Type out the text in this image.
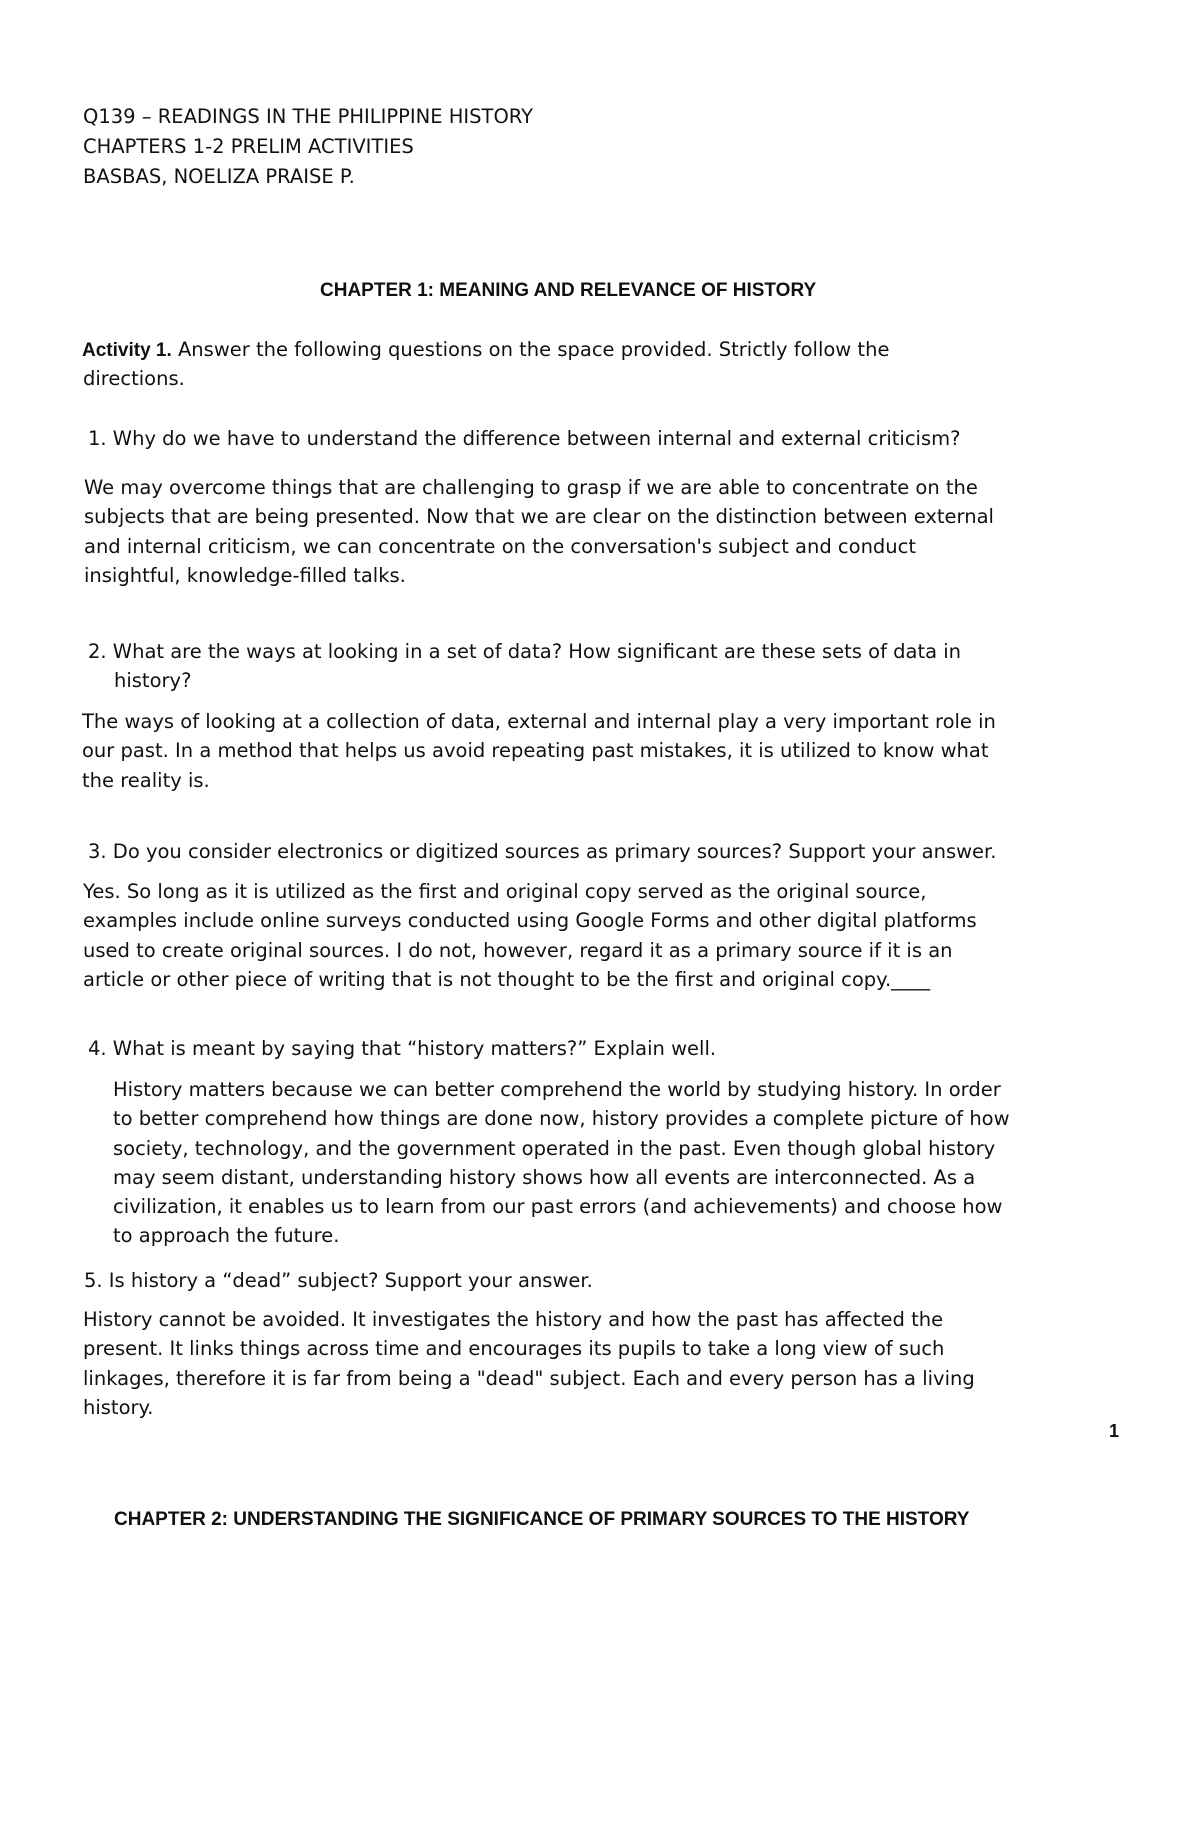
Q139 – READINGS IN THE PHILIPPINE HISTORY
CHAPTERS 1-2 PRELIM ACTIVITIES
BASBAS, NOELIZA PRAISE P.
CHAPTER 1: MEANING AND RELEVANCE OF HISTORY
Activity 1. Answer the following questions on the space provided. Strictly follow the
directions.
1. Why do we have to understand the difference between internal and external criticism?

We may overcome things that are challenging to grasp if we are able to concentrate on the

subjects that are being presented. Now that we are clear on the distinction between external

and internal criticism, we can concentrate on the conversation's subject and conduct

insightful, knowledge-filled talks.

2. What are the ways at looking in a set of data? How significant are these sets of data in
history?

The ways of looking at a collection of data, external and internal play a very important role in

our past. In a method that helps us avoid repeating past mistakes, it is utilized to know what

the reality is.

3. Do you consider electronics or digitized sources as primary sources? Support your answer.

Yes. So long as it is utilized as the first and original copy served as the original source,

examples include online surveys conducted using Google Forms and other digital platforms

used to create original sources. I do not, however, regard it as a primary source if it is an

article or other piece of writing that is not thought to be the first and original copy.____

4. What is meant by saying that “history matters?” Explain well.

History matters because we can better comprehend the world by studying history. In order

to better comprehend how things are done now, history provides a complete picture of how

society, technology, and the government operated in the past. Even though global history

may seem distant, understanding history shows how all events are interconnected. As a

civilization, it enables us to learn from our past errors (and achievements) and choose how

to approach the future.

5. Is history a “dead” subject? Support your answer.

History cannot be avoided. It investigates the history and how the past has affected the

present. It links things across time and encourages its pupils to take a long view of such

linkages, therefore it is far from being a "dead" subject. Each and every person has a living

history.

1
CHAPTER 2: UNDERSTANDING THE SIGNIFICANCE OF PRIMARY SOURCES TO THE HISTORY
